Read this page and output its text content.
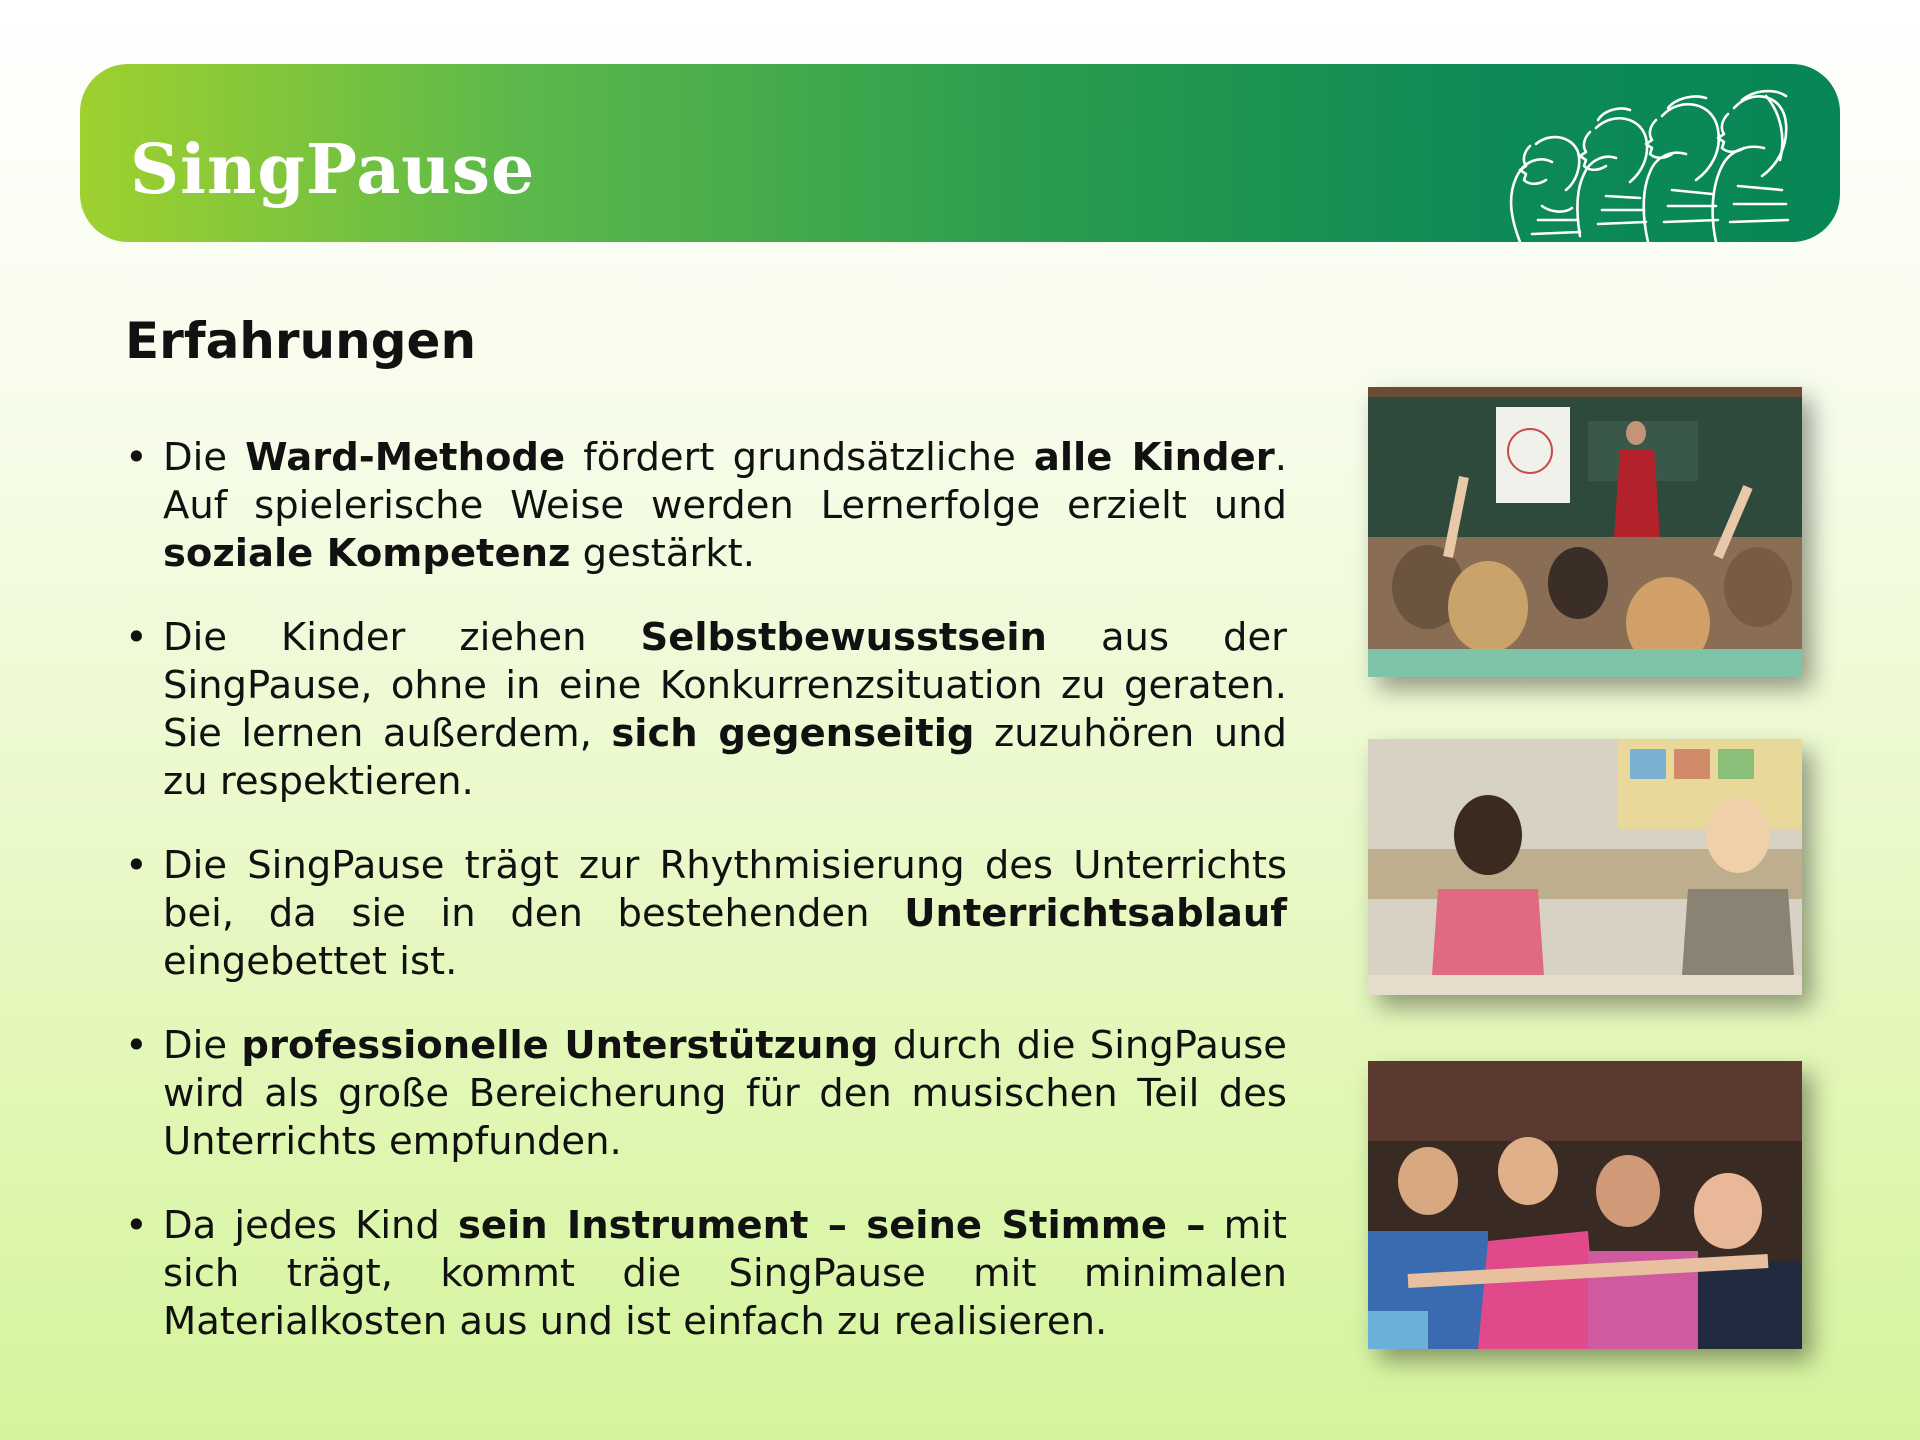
SingPause
Erfahrungen
• Die Ward-Methode fördert grundsätzliche alle Kinder. Auf spielerische Weise werden Lernerfolge erzielt und soziale Kompetenz gestärkt.
• Die Kinder ziehen Selbstbewusstsein aus der SingPause, ohne in eine Konkurrenzsituation zu geraten. Sie lernen außerdem, sich gegenseitig zuzuhören und zu respektieren.
• Die SingPause trägt zur Rhythmisierung des Unterrichts bei, da sie in den bestehenden Unterrichtsablauf eingebettet ist.
• Die professionelle Unterstützung durch die SingPause wird als große Bereicherung für den musischen Teil des Unterrichts empfunden.
• Da jedes Kind sein Instrument – seine Stimme – mit sich trägt, kommt die SingPause mit minimalen Materialkosten aus und ist einfach zu realisieren.
